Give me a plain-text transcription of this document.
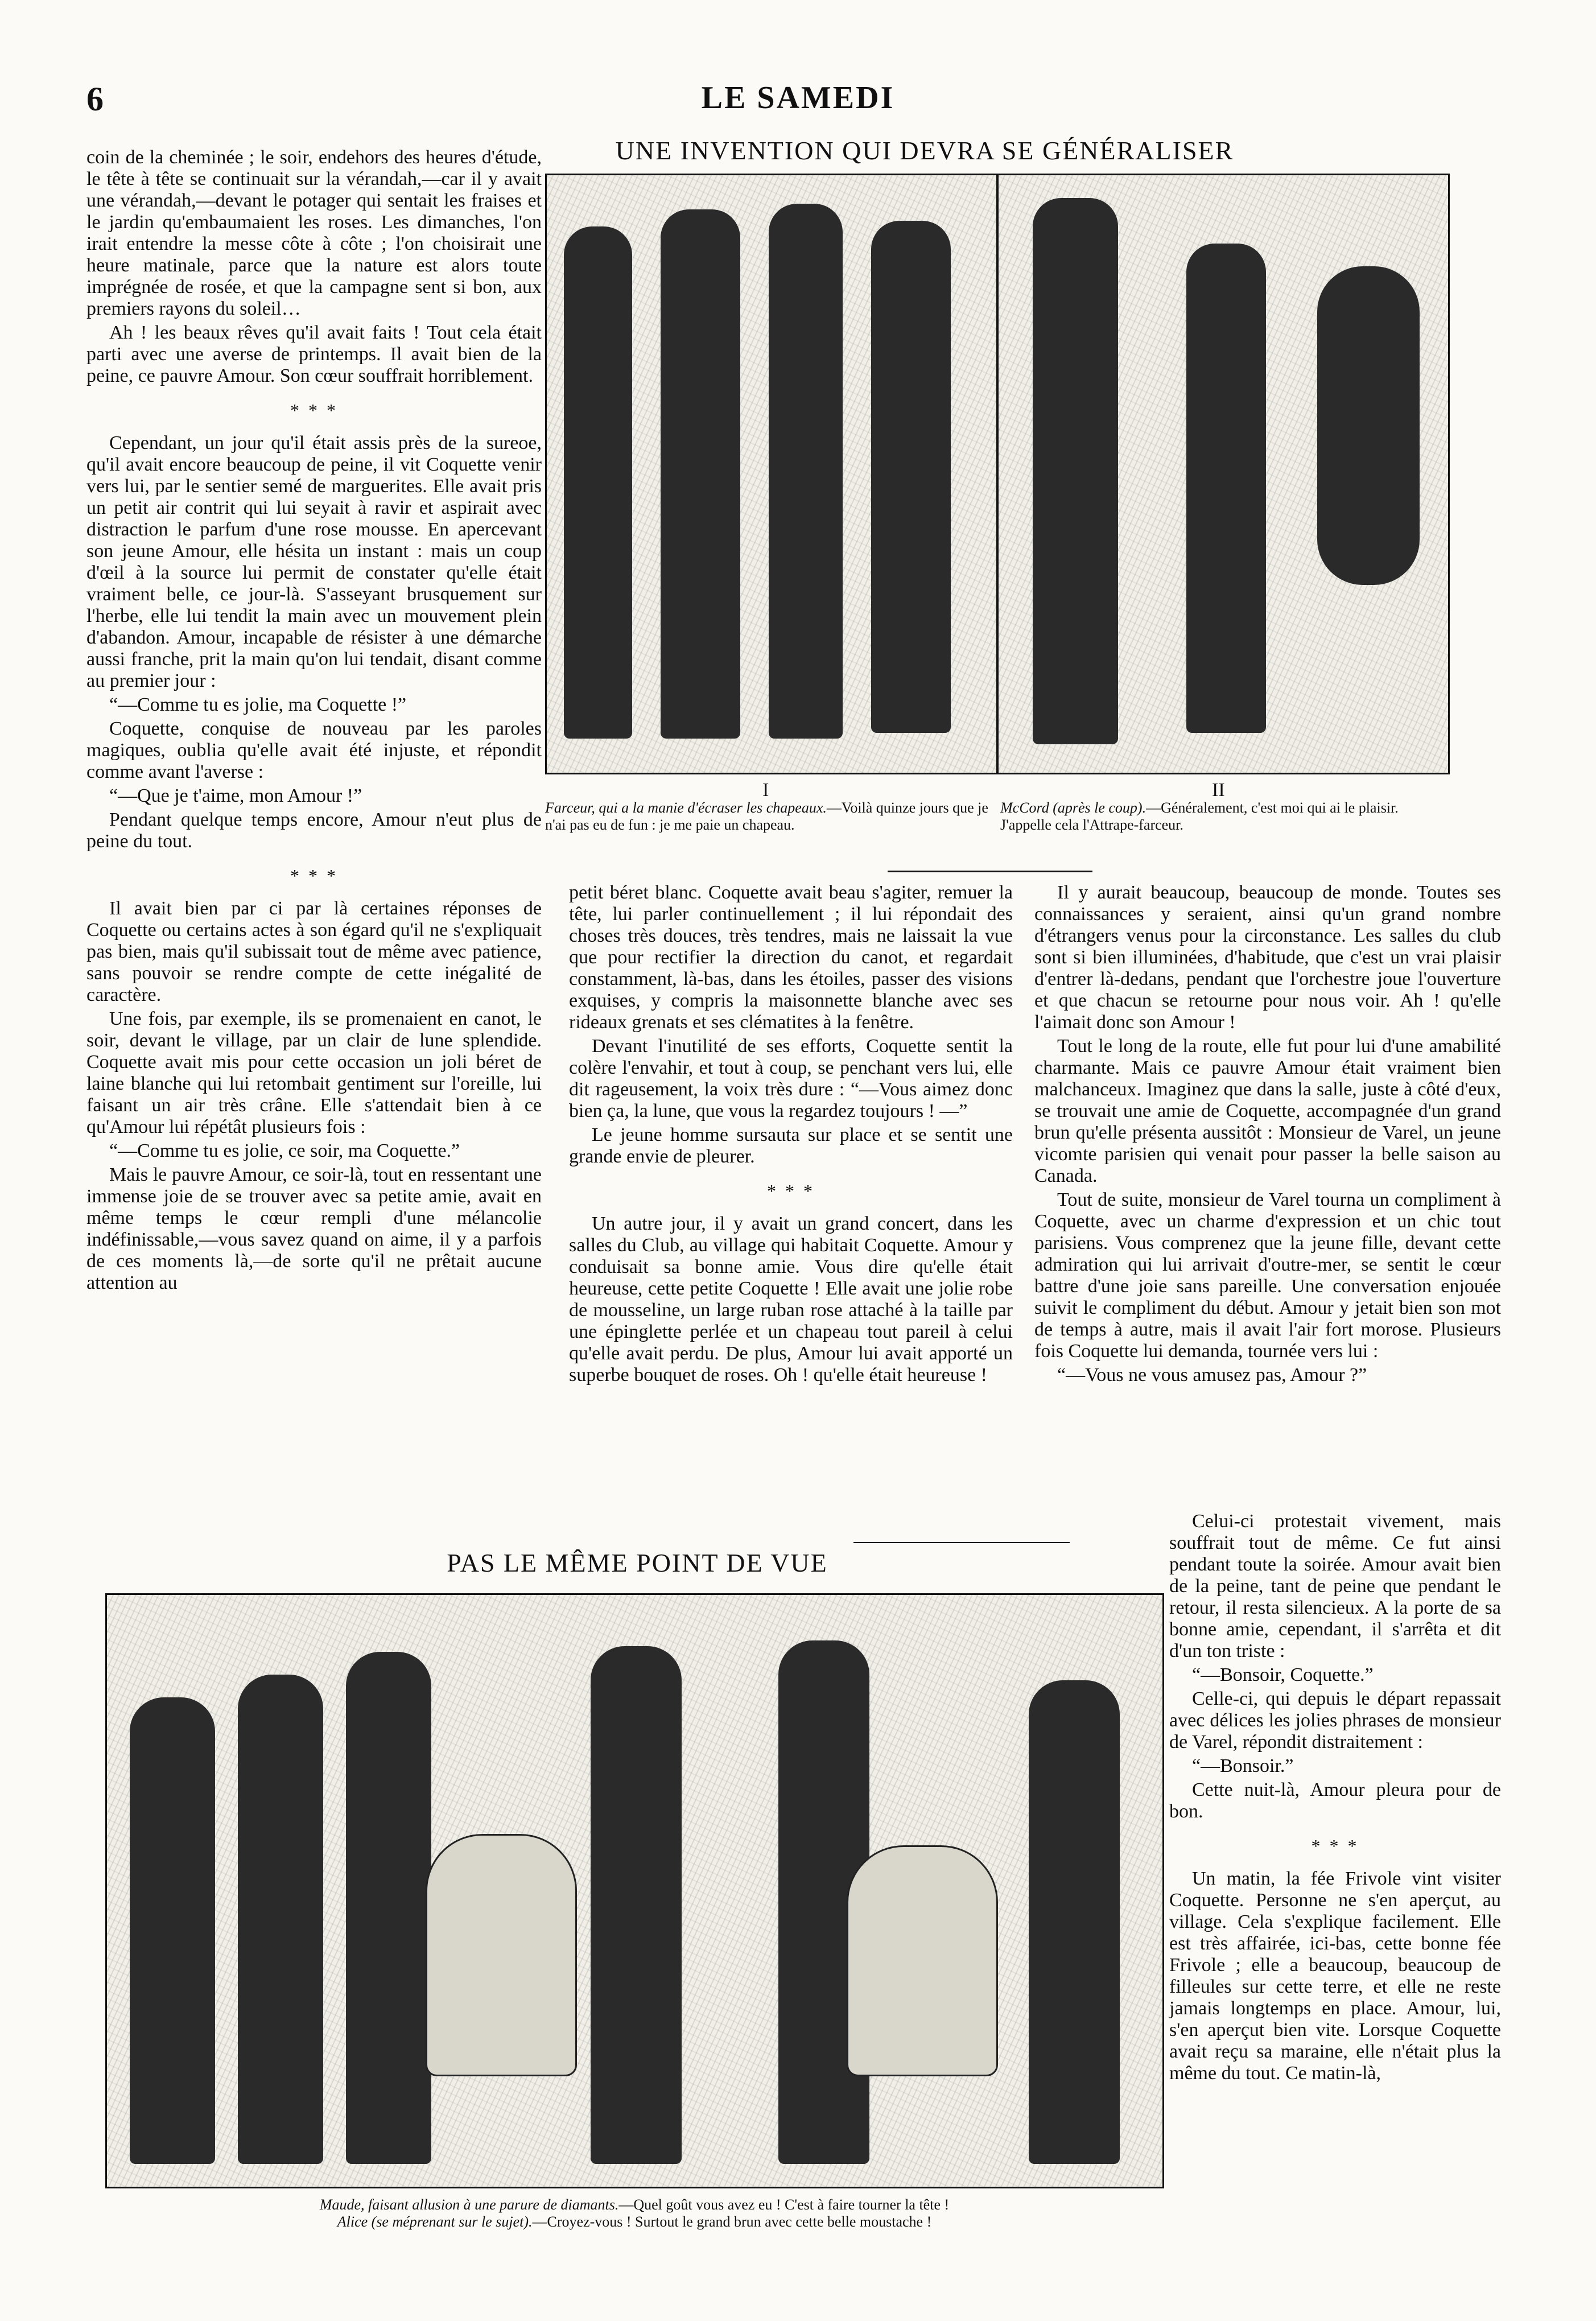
6	LE SAMEDI

coin de la cheminée ; le soir, endehors des heures d'étude, le tête à tête se continuait sur la vérandah,—car il y avait une vérandah,—devant le potager qui sentait les fraises et le jardin qu'embaumaient les roses. Les dimanches, l'on irait entendre la messe côte à côte ; l'on choisirait une heure matinale, parce que la nature est alors toute imprégnée de rosée, et que la campagne sent si bon, aux premiers rayons du soleil…

Ah ! les beaux rêves qu'il avait faits ! Tout cela était parti avec une averse de printemps. Il avait bien de la peine, ce pauvre Amour. Son cœur souffrait horriblement.

* * *

Cependant, un jour qu'il était assis près de la sureoe, qu'il avait encore beaucoup de peine, il vit Coquette venir vers lui, par le sentier semé de marguerites. Elle avait pris un petit air contrit qui lui seyait à ravir et aspirait avec distraction le parfum d'une rose mousse. En apercevant son jeune Amour, elle hésita un instant : mais un coup d'œil à la source lui permit de constater qu'elle était vraiment belle, ce jour-là. S'asseyant brusquement sur l'herbe, elle lui tendit la main avec un mouvement plein d'abandon. Amour, incapable de résister à une démarche aussi franche, prit la main qu'on lui tendait, disant comme au premier jour :

“—Comme tu es jolie, ma Coquette !”

Coquette, conquise de nouveau par les paroles magiques, oublia qu'elle avait été injuste, et répondit comme avant l'averse :

“—Que je t'aime, mon Amour !”

Pendant quelque temps encore, Amour n'eut plus de peine du tout.

* * *

Il avait bien par ci par là certaines réponses de Coquette ou certains actes à son égard qu'il ne s'expliquait pas bien, mais qu'il subissait tout de même avec patience, sans pouvoir se rendre compte de cette inégalité de caractère.

Une fois, par exemple, ils se promenaient en canot, le soir, devant le village, par un clair de lune splendide. Coquette avait mis pour cette occasion un joli béret de laine blanche qui lui retombait gentiment sur l'oreille, lui faisant un air très crâne. Elle s'attendait bien à ce qu'Amour lui répétât plusieurs fois :

“—Comme tu es jolie, ce soir, ma Coquette.”

Mais le pauvre Amour, ce soir-là, tout en ressentant une immense joie de se trouver avec sa petite amie, avait en même temps le cœur rempli d'une mélancolie indéfinissable,—vous savez quand on aime, il y a parfois de ces moments là,—de sorte qu'il ne prêtait aucune attention au

UNE INVENTION QUI DEVRA SE GÉNÉRALISER
I	II
Farceur, qui a la manie d'écraser les chapeaux.—Voilà quinze jours que je n'ai pas eu de fun : je me paie un chapeau.
McCord (après le coup).—Généralement, c'est moi qui ai le plaisir. J'appelle cela l'Attrape-farceur.

petit béret blanc. Coquette avait beau s'agiter, remuer la tête, lui parler continuellement ; il lui répondait des choses très douces, très tendres, mais ne laissait la vue que pour rectifier la direction du canot, et regardait constamment, là-bas, dans les étoiles, passer des visions exquises, y compris la maisonnette blanche avec ses rideaux grenats et ses clématites à la fenêtre.

Devant l'inutilité de ses efforts, Coquette sentit la colère l'envahir, et tout à coup, se penchant vers lui, elle dit rageusement, la voix très dure : “—Vous aimez donc bien ça, la lune, que vous la regardez toujours ! —”

Le jeune homme sursauta sur place et se sentit une grande envie de pleurer.

* * *

Un autre jour, il y avait un grand concert, dans les salles du Club, au village qui habitait Coquette. Amour y conduisait sa bonne amie. Vous dire qu'elle était heureuse, cette petite Coquette ! Elle avait une jolie robe de mousseline, un large ruban rose attaché à la taille par une épinglette perlée et un chapeau tout pareil à celui qu'elle avait perdu. De plus, Amour lui avait apporté un superbe bouquet de roses. Oh ! qu'elle était heureuse !

Il y aurait beaucoup, beaucoup de monde. Toutes ses connaissances y seraient, ainsi qu'un grand nombre d'étrangers venus pour la circonstance. Les salles du club sont si bien illuminées, d'habitude, que c'est un vrai plaisir d'entrer là-dedans, pendant que l'orchestre joue l'ouverture et que chacun se retourne pour nous voir. Ah ! qu'elle l'aimait donc son Amour !

Tout le long de la route, elle fut pour lui d'une amabilité charmante. Mais ce pauvre Amour était vraiment bien malchanceux. Imaginez que dans la salle, juste à côté d'eux, se trouvait une amie de Coquette, accompagnée d'un grand brun qu'elle présenta aussitôt : Monsieur de Varel, un jeune vicomte parisien qui venait pour passer la belle saison au Canada.

Tout de suite, monsieur de Varel tourna un compliment à Coquette, avec un charme d'expression et un chic tout parisiens. Vous comprenez que la jeune fille, devant cette admiration qui lui arrivait d'outre-mer, se sentit le cœur battre d'une joie sans pareille. Une conversation enjouée suivit le compliment du début. Amour y jetait bien son mot de temps à autre, mais il avait l'air fort morose. Plusieurs fois Coquette lui demanda, tournée vers lui :

“—Vous ne vous amusez pas, Amour ?”

Celui-ci protestait vivement, mais souffrait tout de même. Ce fut ainsi pendant toute la soirée. Amour avait bien de la peine, tant de peine que pendant le retour, il resta silencieux. A la porte de sa bonne amie, cependant, il s'arrêta et dit d'un ton triste :

“—Bonsoir, Coquette.”

Celle-ci, qui depuis le départ repassait avec délices les jolies phrases de monsieur de Varel, répondit distraitement :

“—Bonsoir.”

Cette nuit-là, Amour pleura pour de bon.

* * *

Un matin, la fée Frivole vint visiter Coquette. Personne ne s'en aperçut, au village. Cela s'explique facilement. Elle est très affairée, ici-bas, cette bonne fée Frivole ; elle a beaucoup, beaucoup de filleules sur cette terre, et elle ne reste jamais longtemps en place. Amour, lui, s'en aperçut bien vite. Lorsque Coquette avait reçu sa maraine, elle n'était plus la même du tout. Ce matin-là,

PAS LE MÊME POINT DE VUE
Maude, faisant allusion à une parure de diamants.—Quel goût vous avez eu ! C'est à faire tourner la tête !
Alice (se méprenant sur le sujet).—Croyez-vous ! Surtout le grand brun avec cette belle moustache !
